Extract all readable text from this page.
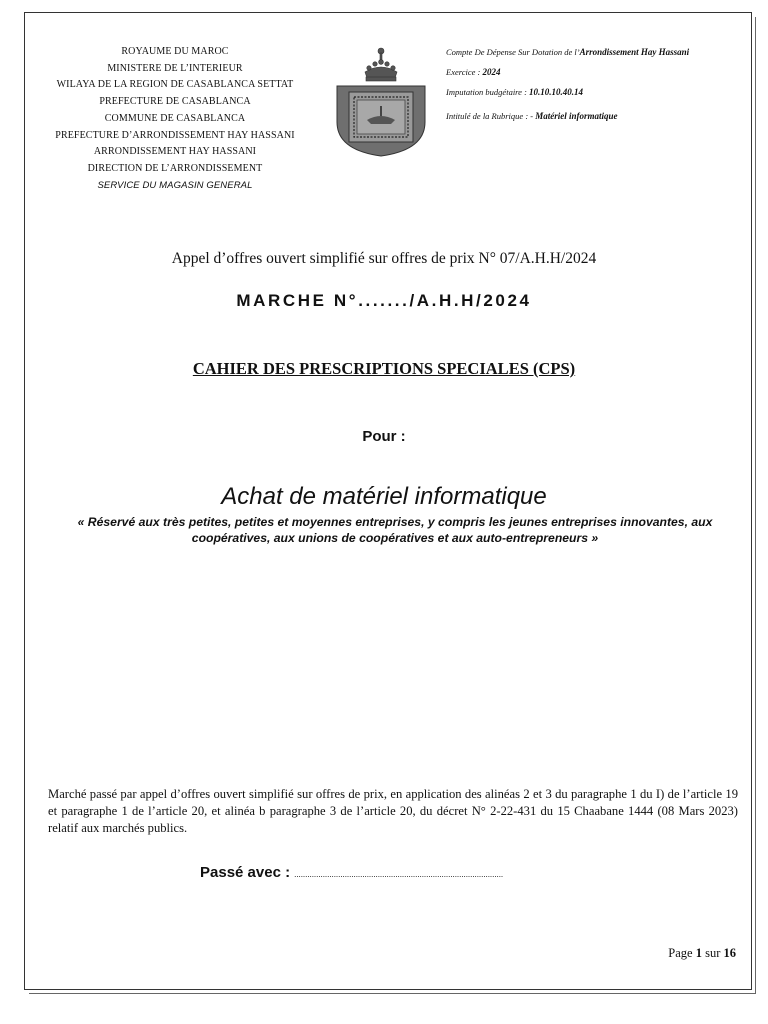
ROYAUME DU MAROC
MINISTERE DE L’INTERIEUR
WILAYA DE LA REGION DE CASABLANCA SETTAT
PREFECTURE DE CASABLANCA
COMMUNE DE CASABLANCA
PREFECTURE D’ARRONDISSEMENT HAY HASSANI
ARRONDISSEMENT HAY HASSANI
DIRECTION DE L’ARRONDISSEMENT
SERVICE DU MAGASIN GENERAL
Compte De Dépense Sur Dotation de l’Arrondissement Hay Hassani
Exercice : 2024
Imputation budgétaire : 10.10.10.40.14
Intitulé de la Rubrique : - Matériel informatique
Appel d’offres ouvert simplifié sur offres de prix N° 07/A.H.H/2024
MARCHE N°......./A.H.H/2024
CAHIER DES PRESCRIPTIONS SPECIALES (CPS)
Pour :
Achat de matériel informatique
« Réservé aux très petites, petites et moyennes entreprises, y compris les jeunes entreprises innovantes, aux coopératives, aux unions de coopératives et aux auto-entrepreneurs »
Marché passé par appel d’offres ouvert simplifié sur offres de prix, en application des alinéas 2 et 3 du paragraphe 1 du I) de l’article 19 et paragraphe 1 de l’article 20, et alinéa b paragraphe 3 de l’article 20, du décret N° 2-22-431 du 15 Chaabane 1444 (08 Mars 2023) relatif aux marchés publics.
Passé avec : ...............................................................................................
Page 1 sur 16
